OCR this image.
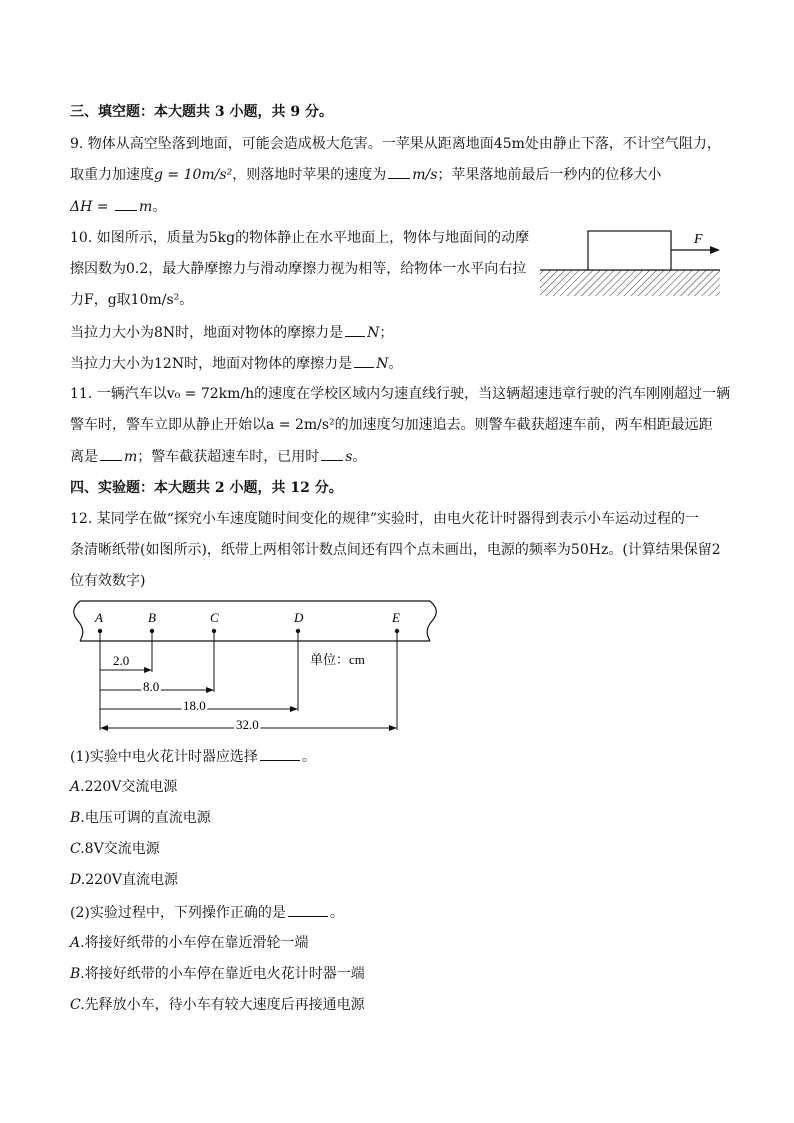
三、填空题：本大题共 3 小题，共 9 分。
9. 物体从高空坠落到地面，可能会造成极大危害。一苹果从距离地面45m处由静止下落，不计空气阻力，
取重力加速度g = 10m/s²，则落地时苹果的速度为 m/s；苹果落地前最后一秒内的位移大小
ΔH = m。
10. 如图所示，质量为5kg的物体静止在水平地面上，物体与地面间的动摩
擦因数为0.2，最大静摩擦力与滑动摩擦力视为相等，给物体一水平向右拉
力F，g取10m/s²。
当拉力大小为8N时，地面对物体的摩擦力是 N；
当拉力大小为12N时，地面对物体的摩擦力是 N。
F
11. 一辆汽车以v₀ = 72km/h的速度在学校区域内匀速直线行驶，当这辆超速违章行驶的汽车刚刚超过一辆
警车时，警车立即从静止开始以a = 2m/s²的加速度匀加速追去。则警车截获超速车前，两车相距最远距
离是 m；警车截获超速车时，已用时 s。
四、实验题：本大题共 2 小题，共 12 分。
12. 某同学在做“探究小车速度随时间变化的规律”实验时，由电火花计时器得到表示小车运动过程的一
条清晰纸带(如图所示)，纸带上两相邻计数点间还有四个点未画出，电源的频率为50Hz。(计算结果保留2
位有效数字)
A	B	C	D	E
2.0
8.0
18.0
32.0
单位：cm
(1)实验中电火花计时器应选择	。
A.220V交流电源
B.电压可调的直流电源
C.8V交流电源
D.220V直流电源
(2)实验过程中，下列操作正确的是	。
A.将接好纸带的小车停在靠近滑轮一端
B.将接好纸带的小车停在靠近电火花计时器一端
C.先释放小车，待小车有较大速度后再接通电源
